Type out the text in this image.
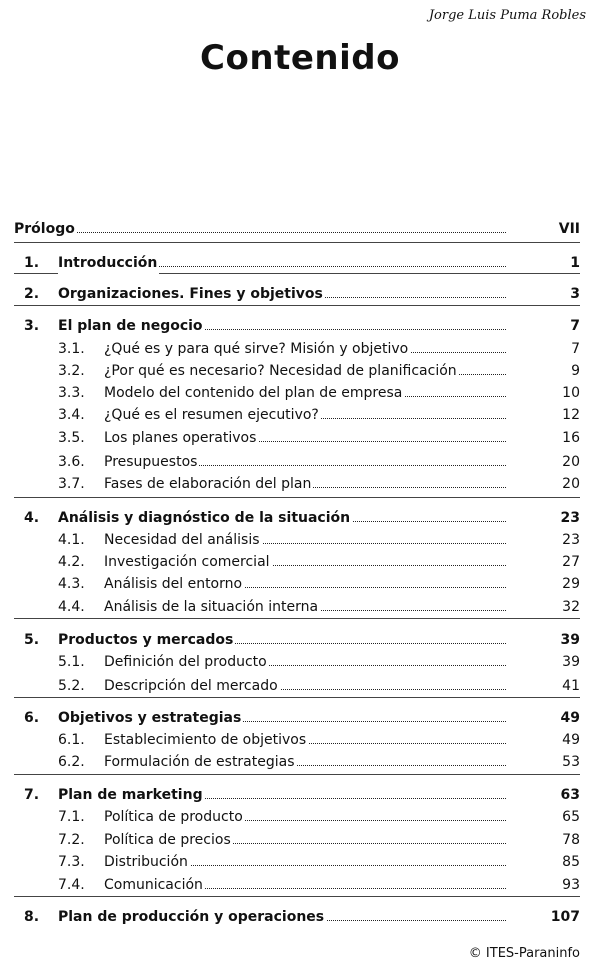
Jorge Luis Puma Robles
Contenido
Prólogo	VII
1. Introducción	1
2. Organizaciones. Fines y objetivos	3
3. El plan de negocio	7
3.1. ¿Qué es y para qué sirve? Misión y objetivo	7
3.2. ¿Por qué es necesario? Necesidad de planificación	9
3.3. Modelo del contenido del plan de empresa	10
3.4. ¿Qué es el resumen ejecutivo?	12
3.5. Los planes operativos	16
3.6. Presupuestos	20
3.7. Fases de elaboración del plan	20
4. Análisis y diagnóstico de la situación	23
4.1. Necesidad del análisis	23
4.2. Investigación comercial	27
4.3. Análisis del entorno	29
4.4. Análisis de la situación interna	32
5. Productos y mercados	39
5.1. Definición del producto	39
5.2. Descripción del mercado	41
6. Objetivos y estrategias	49
6.1. Establecimiento de objetivos	49
6.2. Formulación de estrategias	53
7. Plan de marketing	63
7.1. Política de producto	65
7.2. Política de precios	78
7.3. Distribución	85
7.4. Comunicación	93
8. Plan de producción y operaciones	107
© ITES-Paraninfo
